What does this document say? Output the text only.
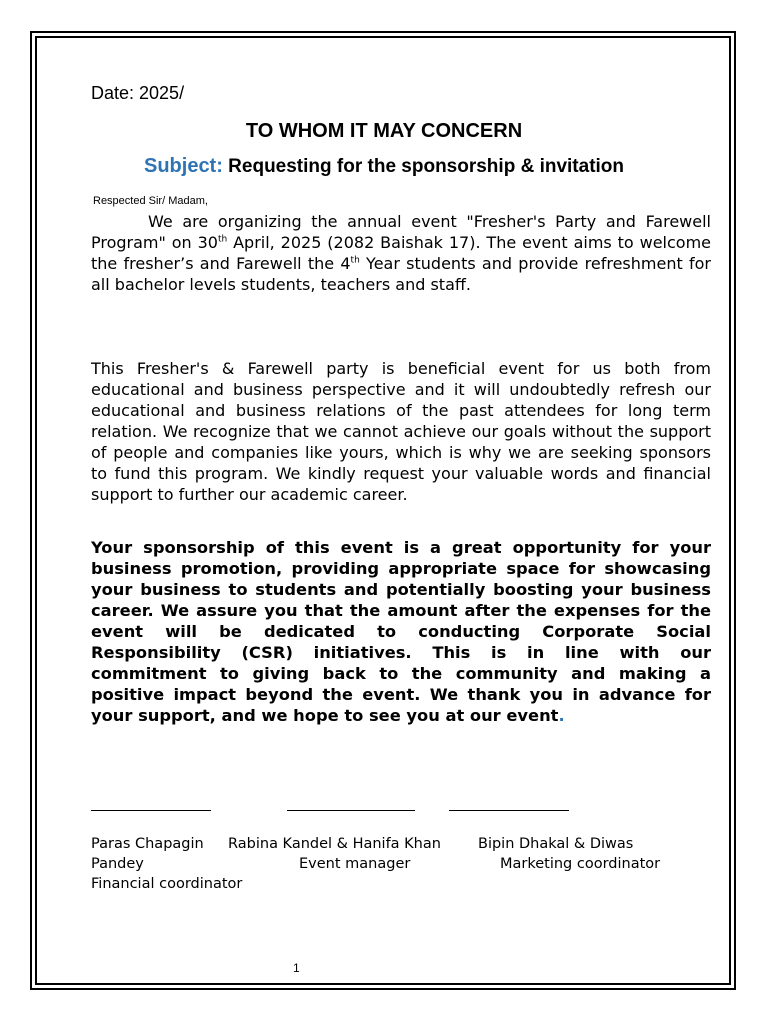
Date: 2025/
TO WHOM IT MAY CONCERN
Subject: Requesting for the sponsorship & invitation
Respected Sir/ Madam,
We are organizing the annual event "Fresher's Party and Farewell Program" on 30th April, 2025 (2082 Baishak 17). The event aims to welcome the fresher’s and Farewell the 4th Year students and provide refreshment for all bachelor levels students, teachers and staff.
This Fresher's & Farewell party is beneficial event for us both from educational and business perspective and it will undoubtedly refresh our educational and business relations of the past attendees for long term relation. We recognize that we cannot achieve our goals without the support of people and companies like yours, which is why we are seeking sponsors to fund this program. We kindly request your valuable words and financial support to further our academic career.
Your sponsorship of this event is a great opportunity for your business promotion, providing appropriate space for showcasing your business to students and potentially boosting your business career. We assure you that the amount after the expenses for the event will be dedicated to conducting Corporate Social Responsibility (CSR) initiatives. This is in line with our commitment to giving back to the community and making a positive impact beyond the event. We thank you in advance for your support, and we hope to see you at our event.
Paras Chapagin Rabina Kandel & Hanifa Khan	Bipin Dhakal & Diwas
Pandey	Event manager	Marketing coordinator
Financial coordinator
1
